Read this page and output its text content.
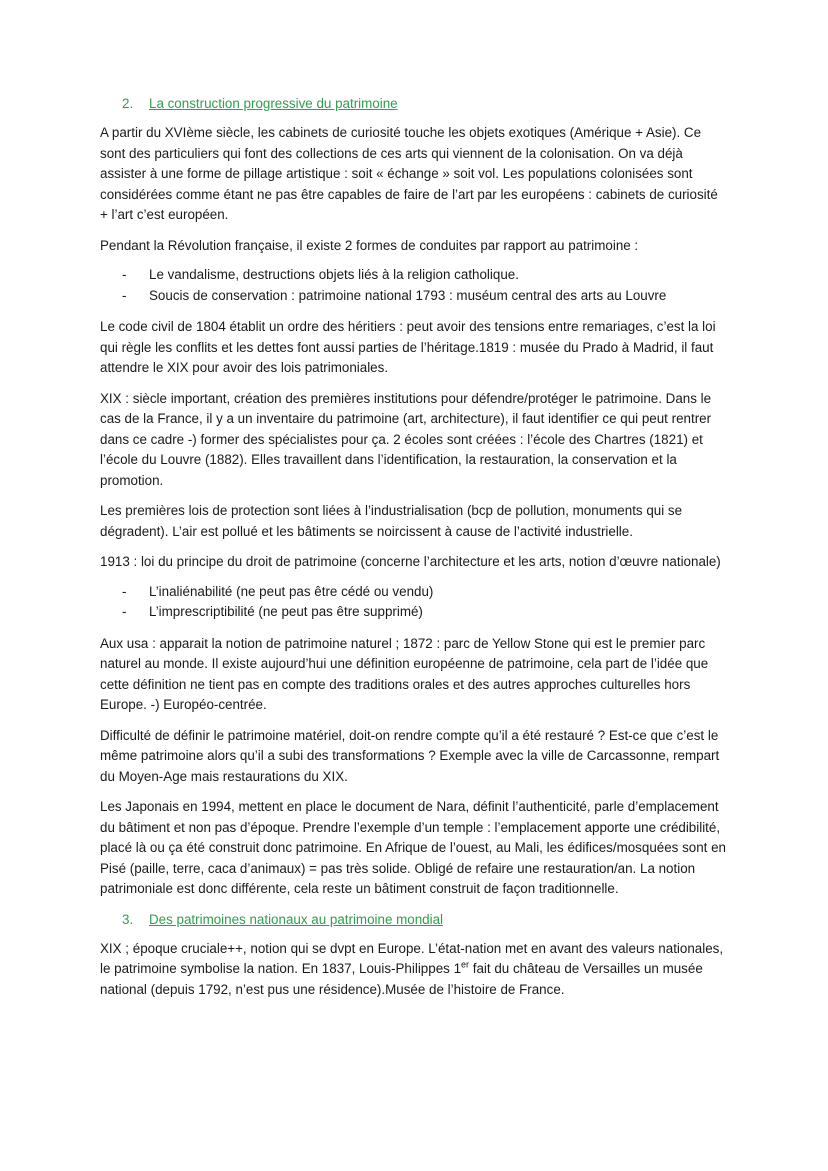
2.	La construction progressive du patrimoine

A partir du XVIème siècle, les cabinets de curiosité touche les objets exotiques (Amérique + Asie). Ce sont des particuliers qui font des collections de ces arts qui viennent de la colonisation. On va déjà assister à une forme de pillage artistique : soit « échange » soit vol. Les populations colonisées sont considérées comme étant ne pas être capables de faire de l’art par les européens : cabinets de curiosité + l’art c’est européen.

Pendant la Révolution française, il existe 2 formes de conduites par rapport au patrimoine :

-	Le vandalisme, destructions objets liés à la religion catholique.
-	Soucis de conservation : patrimoine national 1793 : muséum central des arts au Louvre

Le code civil de 1804 établit un ordre des héritiers : peut avoir des tensions entre remariages, c’est la loi qui règle les conflits et les dettes font aussi parties de l’héritage.1819 : musée du Prado à Madrid, il faut attendre le XIX pour avoir des lois patrimoniales.

XIX : siècle important, création des premières institutions pour défendre/protéger le patrimoine. Dans le cas de la France, il y a un inventaire du patrimoine (art, architecture), il faut identifier ce qui peut rentrer dans ce cadre -) former des spécialistes pour ça. 2 écoles sont créées : l’école des Chartres (1821) et l’école du Louvre (1882). Elles travaillent dans l’identification, la restauration, la conservation et la promotion.

Les premières lois de protection sont liées à l’industrialisation (bcp de pollution, monuments qui se dégradent). L’air est pollué et les bâtiments se noircissent à cause de l’activité industrielle.

1913 : loi du principe du droit de patrimoine (concerne l’architecture et les arts, notion d’œuvre nationale)

-	L’inaliénabilité (ne peut pas être cédé ou vendu)
-	L’imprescriptibilité (ne peut pas être supprimé)

Aux usa : apparait la notion de patrimoine naturel ; 1872 : parc de Yellow Stone qui est le premier parc naturel au monde. Il existe aujourd’hui une définition européenne de patrimoine, cela part de l’idée que cette définition ne tient pas en compte des traditions orales et des autres approches culturelles hors Europe. -) Européo-centrée.

Difficulté de définir le patrimoine matériel, doit-on rendre compte qu’il a été restauré ? Est-ce que c’est le même patrimoine alors qu’il a subi des transformations ? Exemple avec la ville de Carcassonne, rempart du Moyen-Age mais restaurations du XIX.

Les Japonais en 1994, mettent en place le document de Nara, définit l’authenticité, parle d’emplacement du bâtiment et non pas d’époque. Prendre l’exemple d’un temple : l’emplacement apporte une crédibilité, placé là ou ça été construit donc patrimoine. En Afrique de l’ouest, au Mali, les édifices/mosquées sont en Pisé (paille, terre, caca d’animaux) = pas très solide. Obligé de refaire une restauration/an. La notion patrimoniale est donc différente, cela reste un bâtiment construit de façon traditionnelle.

3.	Des patrimoines nationaux au patrimoine mondial

XIX ; époque cruciale++, notion qui se dvpt en Europe. L’état-nation met en avant des valeurs nationales, le patrimoine symbolise la nation. En 1837, Louis-Philippes 1er fait du château de Versailles un musée national (depuis 1792, n’est pus une résidence).Musée de l’histoire de France.
